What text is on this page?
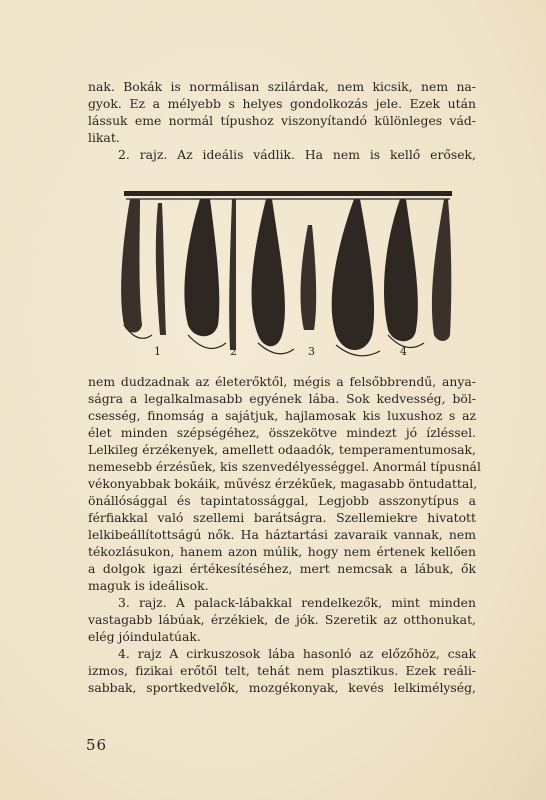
nak. Bokák is normálisan szilárdak, nem kicsik, nem na-
gyok. Ez a mélyebb s helyes gondolkozás jele. Ezek után
lássuk eme normál típushoz viszonyítandó különleges vád-
likat.
2. rajz. Az ideális vádlik. Ha nem is kellő erősek,
1	2	3	4
nem dudzadnak az életerőktől, mégis a felsőbbrendű, anya-
ságra a legalkalmasabb egyének lába. Sok kedvesség, böl-
csesség, finomság a sajátjuk, hajlamosak kis luxushoz s az
élet minden szépségéhez, összekötve mindezt jó ízléssel.
Lelkileg érzékenyek, amellett odaadók, temperamentumosak,
nemesebb érzésűek, kis szenvedélyességgel. Anormál típusnál
vékonyabbak bokáik, művész érzékűek, magasabb öntudattal,
önállósággal és tapintatossággal, Legjobb asszonytípus a
férfiakkal való szellemi barátságra. Szellemiekre hivatott
lelkibeállítottságú nők. Ha háztartási zavaraik vannak, nem
tékozlásukon, hanem azon múlik, hogy nem értenek kellően
a dolgok igazi értékesítéséhez, mert nemcsak a lábuk, ők
maguk is ideálisok.
3. rajz. A palack-lábakkal rendelkezők, mint minden
vastagabb lábúak, érzékiek, de jók. Szeretik az otthonukat,
elég jóindulatúak.
4. rajz A cirkuszosok lába hasonló az előzőhöz, csak
izmos, fizikai erőtől telt, tehát nem plasztikus. Ezek reáli-
sabbak, sportkedvelők, mozgékonyak, kevés lelkimélység,
56
